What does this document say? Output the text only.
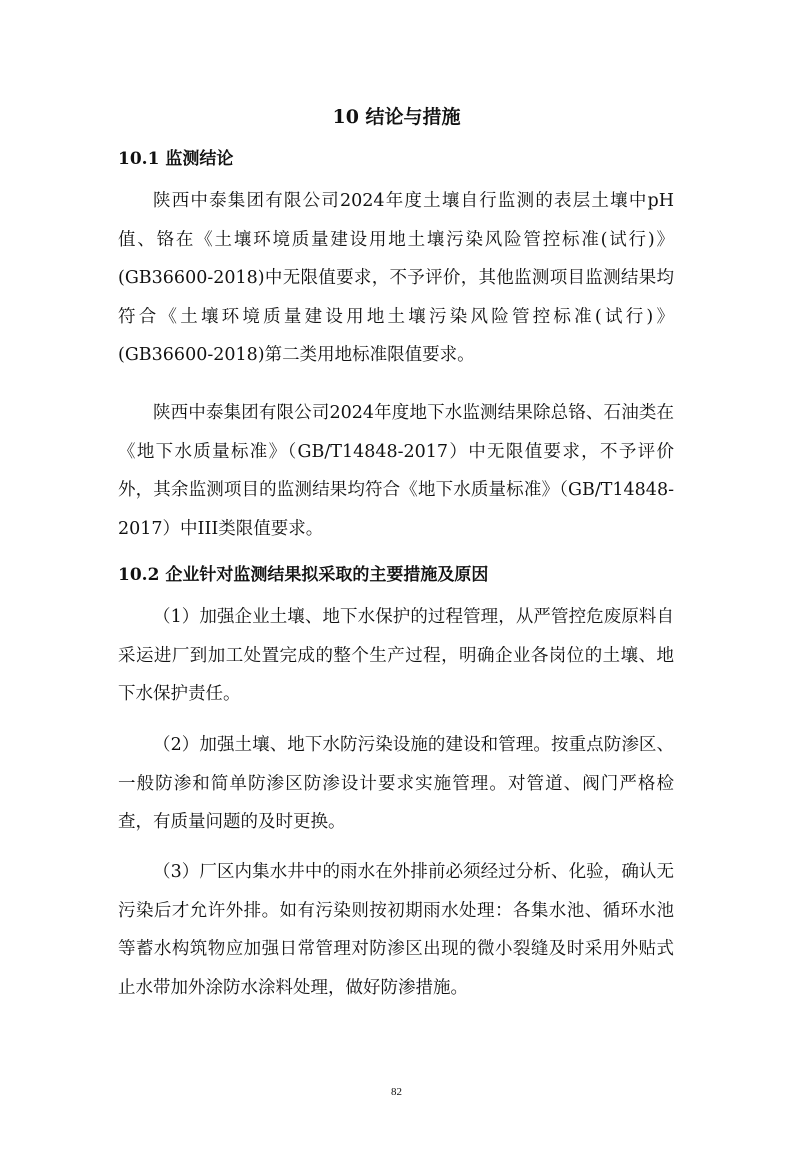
10 结论与措施
10.1 监测结论

陕西中泰集团有限公司2024年度土壤自行监测的表层土壤中pH值、铬在《土壤环境质量建设用地土壤污染风险管控标准(试行)》(GB36600-2018)中无限值要求，不予评价，其他监测项目监测结果均符合《土壤环境质量建设用地土壤污染风险管控标准(试行)》(GB36600-2018)第二类用地标准限值要求。

陕西中泰集团有限公司2024年度地下水监测结果除总铬、石油类在《地下水质量标准》（GB/T14848-2017）中无限值要求，不予评价外，其余监测项目的监测结果均符合《地下水质量标准》（GB/T14848-2017）中III类限值要求。

10.2 企业针对监测结果拟采取的主要措施及原因

（1）加强企业土壤、地下水保护的过程管理，从严管控危废原料自采运进厂到加工处置完成的整个生产过程，明确企业各岗位的土壤、地下水保护责任。

（2）加强土壤、地下水防污染设施的建设和管理。按重点防渗区、一般防渗和简单防渗区防渗设计要求实施管理。对管道、阀门严格检查，有质量问题的及时更换。

（3）厂区内集水井中的雨水在外排前必须经过分析、化验，确认无污染后才允许外排。如有污染则按初期雨水处理：各集水池、循环水池等蓄水构筑物应加强日常管理对防渗区出现的微小裂缝及时采用外贴式止水带加外涂防水涂料处理，做好防渗措施。

82
